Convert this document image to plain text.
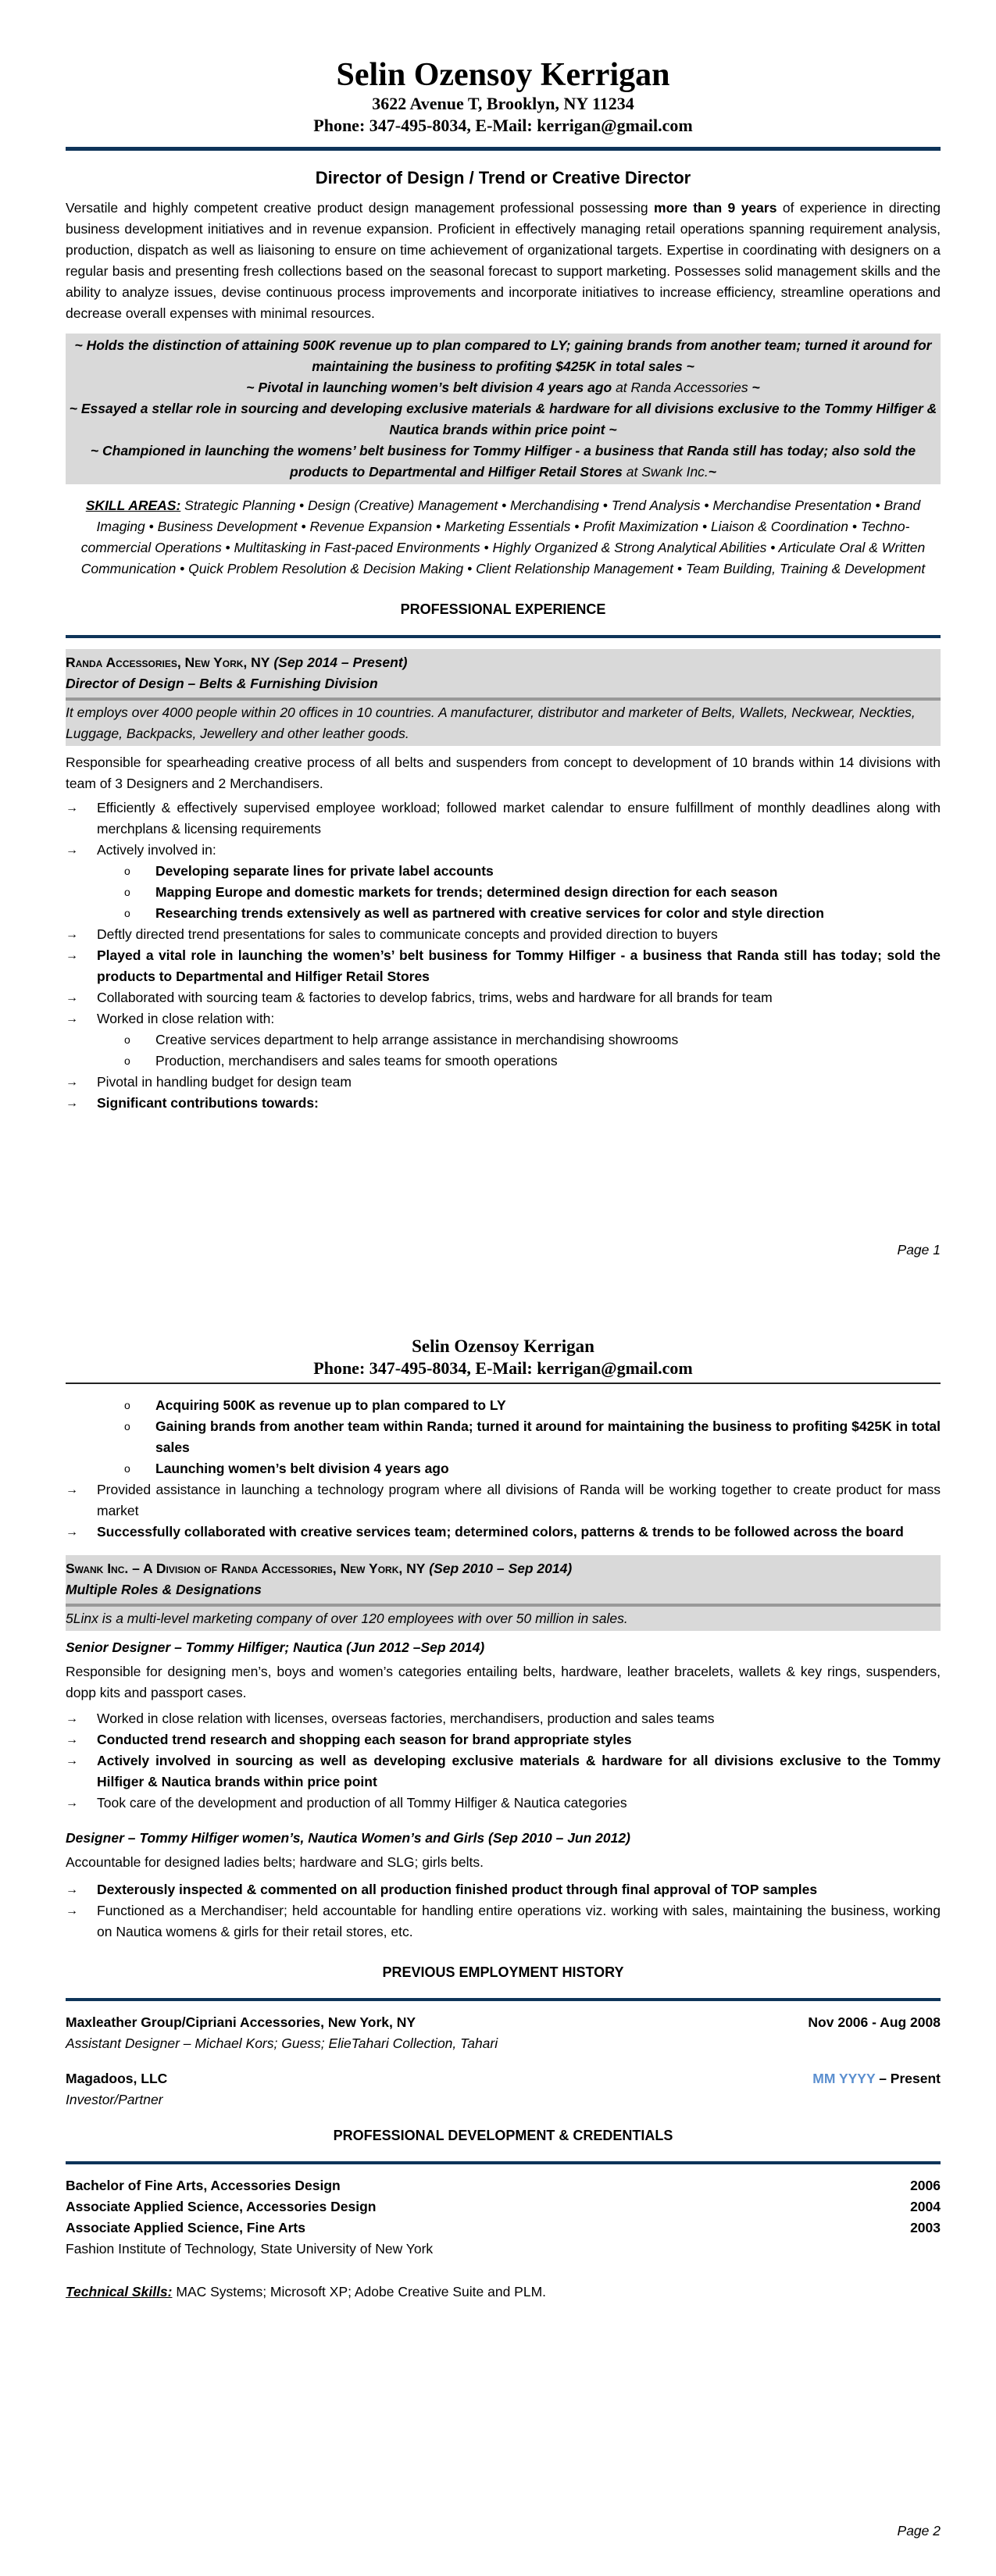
Selin Ozensoy Kerrigan
3622 Avenue T, Brooklyn, NY 11234
Phone: 347-495-8034, E-Mail: kerrigan@gmail.com
Director of Design / Trend or Creative Director

Versatile and highly competent creative product design management professional possessing more than 9 years of experience in directing business development initiatives and in revenue expansion. Proficient in effectively managing retail operations spanning requirement analysis, production, dispatch as well as liaisoning to ensure on time achievement of organizational targets. Expertise in coordinating with designers on a regular basis and presenting fresh collections based on the seasonal forecast to support marketing. Possesses solid management skills and the ability to analyze issues, devise continuous process improvements and incorporate initiatives to increase efficiency, streamline operations and decrease overall expenses with minimal resources.

~ Holds the distinction of attaining 500K revenue up to plan compared to LY; gaining brands from another team; turned it around for maintaining the business to profiting $425K in total sales ~
~ Pivotal in launching women’s belt division 4 years ago at Randa Accessories ~
~ Essayed a stellar role in sourcing and developing exclusive materials & hardware for all divisions exclusive to the Tommy Hilfiger & Nautica brands within price point ~
~ Championed in launching the womens’ belt business for Tommy Hilfiger - a business that Randa still has today; also sold the products to Departmental and Hilfiger Retail Stores at Swank Inc.~
SKILL AREAS: Strategic Planning • Design (Creative) Management • Merchandising • Trend Analysis • Merchandise Presentation • Brand Imaging • Business Development • Revenue Expansion • Marketing Essentials • Profit Maximization • Liaison & Coordination • Techno-commercial Operations • Multitasking in Fast-paced Environments • Highly Organized & Strong Analytical Abilities • Articulate Oral & Written Communication • Quick Problem Resolution & Decision Making • Client Relationship Management • Team Building, Training & Development
PROFESSIONAL EXPERIENCE
Randa Accessories, New York, NY (Sep 2014 – Present)
Director of Design – Belts & Furnishing Division
It employs over 4000 people within 20 offices in 10 countries. A manufacturer, distributor and marketer of Belts, Wallets, Neckwear, Neckties, Luggage, Backpacks, Jewellery and other leather goods.

Responsible for spearheading creative process of all belts and suspenders from concept to development of 10 brands within 14 divisions with team of 3 Designers and 2 Merchandisers.

→ Efficiently & effectively supervised employee workload; followed market calendar to ensure fulfillment of monthly deadlines along with merchplans & licensing requirements
→ Actively involved in:
o Developing separate lines for private label accounts
o Mapping Europe and domestic markets for trends; determined design direction for each season
o Researching trends extensively as well as partnered with creative services for color and style direction
→ Deftly directed trend presentations for sales to communicate concepts and provided direction to buyers
→ Played a vital role in launching the women’s’ belt business for Tommy Hilfiger - a business that Randa still has today; sold the products to Departmental and Hilfiger Retail Stores
→ Collaborated with sourcing team & factories to develop fabrics, trims, webs and hardware for all brands for team
→ Worked in close relation with:
o Creative services department to help arrange assistance in merchandising showrooms
o Production, merchandisers and sales teams for smooth operations
→ Pivotal in handling budget for design team
→ Significant contributions towards:
Page 1
Selin Ozensoy Kerrigan
Phone: 347-495-8034, E-Mail: kerrigan@gmail.com
o Acquiring 500K as revenue up to plan compared to LY
o Gaining brands from another team within Randa; turned it around for maintaining the business to profiting $425K in total sales
o Launching women’s belt division 4 years ago
→ Provided assistance in launching a technology program where all divisions of Randa will be working together to create product for mass market
→ Successfully collaborated with creative services team; determined colors, patterns & trends to be followed across the board
Swank Inc. – A Division of Randa Accessories, New York, NY (Sep 2010 – Sep 2014)
Multiple Roles & Designations
5Linx is a multi-level marketing company of over 120 employees with over 50 million in sales.
Senior Designer – Tommy Hilfiger; Nautica (Jun 2012 –Sep 2014)

Responsible for designing men’s, boys and women’s categories entailing belts, hardware, leather bracelets, wallets & key rings, suspenders, dopp kits and passport cases.

→ Worked in close relation with licenses, overseas factories, merchandisers, production and sales teams
→ Conducted trend research and shopping each season for brand appropriate styles
→ Actively involved in sourcing as well as developing exclusive materials & hardware for all divisions exclusive to the Tommy Hilfiger & Nautica brands within price point
→ Took care of the development and production of all Tommy Hilfiger & Nautica categories
Designer – Tommy Hilfiger women’s, Nautica Women’s and Girls (Sep 2010 – Jun 2012)

Accountable for designed ladies belts; hardware and SLG; girls belts.

→ Dexterously inspected & commented on all production finished product through final approval of TOP samples
→ Functioned as a Merchandiser; held accountable for handling entire operations viz. working with sales, maintaining the business, working on Nautica womens & girls for their retail stores, etc.
PREVIOUS EMPLOYMENT HISTORY
Maxleather Group/Cipriani Accessories, New York, NY	Nov 2006 - Aug 2008
Assistant Designer – Michael Kors; Guess; ElieTahari Collection, Tahari
Magadoos, LLC	MM YYYY – Present
Investor/Partner
PROFESSIONAL DEVELOPMENT & CREDENTIALS
Bachelor of Fine Arts, Accessories Design	2006
Associate Applied Science, Accessories Design	2004
Associate Applied Science, Fine Arts	2003
Fashion Institute of Technology, State University of New York
Technical Skills: MAC Systems; Microsoft XP; Adobe Creative Suite and PLM.
Page 2
